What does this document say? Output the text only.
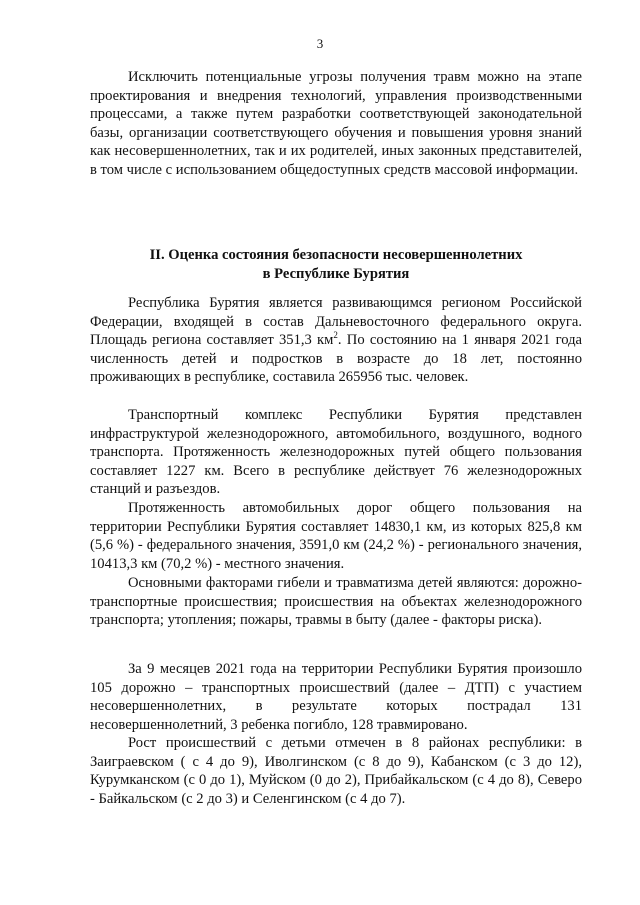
3

Исключить потенциальные угрозы получения травм можно на этапе проектирования и внедрения технологий, управления производственными процессами, а также путем разработки соответствующей законодательной базы, организации соответствующего обучения и повышения уровня знаний как несовершеннолетних, так и их родителей, иных законных представителей, в том числе с использованием общедоступных средств массовой информации.

II. Оценка состояния безопасности несовершеннолетних
в Республике Бурятия

Республика Бурятия является развивающимся регионом Российской Федерации, входящей в состав Дальневосточного федерального округа. Площадь региона составляет 351,3 $км^2$. По состоянию на 1 января 2021 года численность детей и подростков в возрасте до 18 лет, постоянно проживающих в республике, составила 265956 тыс. человек.

Транспортный комплекс Республики Бурятия представлен инфраструктурой железнодорожного, автомобильного, воздушного, водного транспорта. Протяженность железнодорожных путей общего пользования составляет 1227 км. Всего в республике действует 76 железнодорожных станций и разъездов.

Протяженность автомобильных дорог общего пользования на территории Республики Бурятия составляет 14830,1 км, из которых 825,8 км (5,6 %) - федерального значения, 3591,0 км (24,2 %) - регионального значения, 10413,3 км (70,2 %) - местного значения.

Основными факторами гибели и травматизма детей являются: дорожно-транспортные происшествия; происшествия на объектах железнодорожного транспорта; утопления; пожары, травмы в быту (далее - факторы риска).

За 9 месяцев 2021 года на территории Республики Бурятия произошло 105 дорожно – транспортных происшествий (далее – ДТП) с участием несовершеннолетних, в результате которых пострадал 131 несовершеннолетний, 3 ребенка погибло, 128 травмировано.

Рост происшествий с детьми отмечен в 8 районах республики: в Заиграевском ( с 4 до 9), Иволгинском (с 8 до 9), Кабанском (с 3 до 12), Курумканском (с 0 до 1), Муйском (0 до 2), Прибайкальском (с 4 до 8), Северо - Байкальском (с 2 до 3) и Селенгинском (с 4 до 7).
